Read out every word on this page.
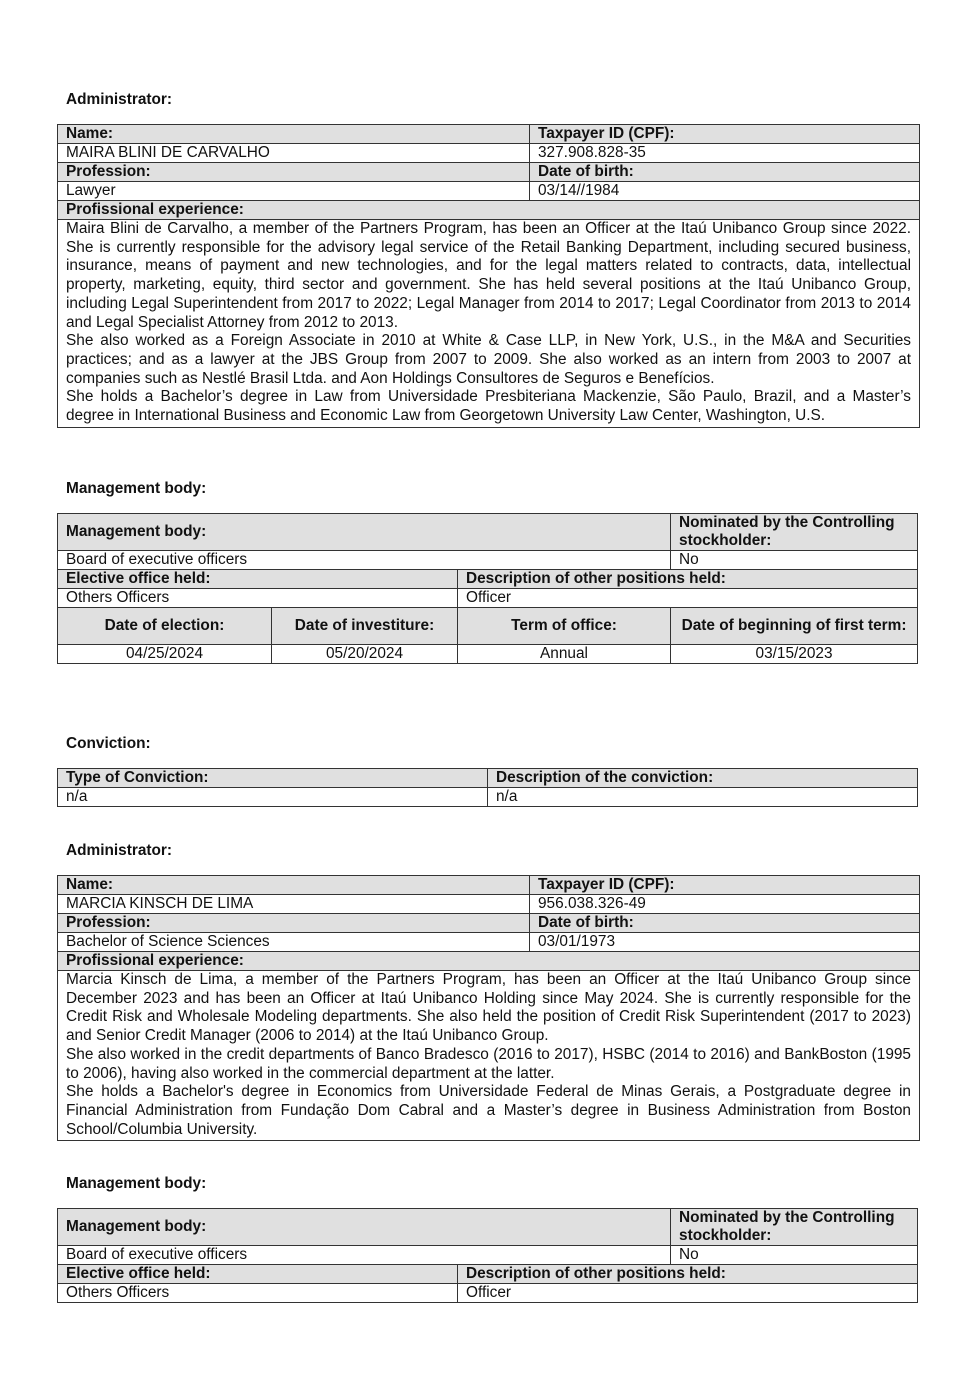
Administrator:
Name:	Taxpayer ID (CPF):
MAIRA BLINI DE CARVALHO	327.908.828-35
Profession:	Date of birth:
Lawyer	03/14//1984
Profissional experience:	

Maira Blini de Carvalho, a member of the Partners Program, has been an Officer at the Itaú Unibanco Group since 2022. She is currently responsible for the advisory legal service of the Retail Banking Department, including secured business, insurance, means of payment and new technologies, and for the legal matters related to contracts, data, intellectual property, marketing, equity, third sector and government. She has held several positions at the Itaú Unibanco Group, including Legal Superintendent from 2017 to 2022; Legal Manager from 2014 to 2017; Legal Coordinator from 2013 to 2014 and Legal Specialist Attorney from 2012 to 2013.

She also worked as a Foreign Associate in 2010 at White & Case LLP, in New York, U.S., in the M&A and Securities practices; and as a lawyer at the JBS Group from 2007 to 2009. She also worked as an intern from 2003 to 2007 at companies such as Nestlé Brasil Ltda. and Aon Holdings Consultores de Seguros e Benefícios.

She holds a Bachelor’s degree in Law from Universidade Presbiteriana Mackenzie, São Paulo, Brazil, and a Master’s degree in International Business and Economic Law from Georgetown University Law Center, Washington, U.S.	

Management body:
Management body:			Nominated by the Controlling stockholder:
Board of executive officers			No
Elective office held:		Description of other positions held:	
Others Officers		Officer	
Date of election:	Date of investiture:	Term of office:	Date of beginning of first term:
04/25/2024	05/20/2024	Annual	03/15/2023
Conviction:
Type of Conviction:	Description of the conviction:
n/a	n/a
Administrator:
Name:	Taxpayer ID (CPF):
MARCIA KINSCH DE LIMA	956.038.326-49
Profession:	Date of birth:
Bachelor of Science Sciences	03/01/1973
Profissional experience:	

Marcia Kinsch de Lima, a member of the Partners Program, has been an Officer at the Itaú Unibanco Group since December 2023 and has been an Officer at Itaú Unibanco Holding since May 2024. She is currently responsible for the Credit Risk and Wholesale Modeling departments. She also held the position of Credit Risk Superintendent (2017 to 2023) and Senior Credit Manager (2006 to 2014) at the Itaú Unibanco Group.

She also worked in the credit departments of Banco Bradesco (2016 to 2017), HSBC (2014 to 2016) and BankBoston (1995 to 2006), having also worked in the commercial department at the latter.

She holds a Bachelor's degree in Economics from Universidade Federal de Minas Gerais, a Postgraduate degree in Financial Administration from Fundação Dom Cabral and a Master’s degree in Business Administration from Boston School/Columbia University.	

Management body:
Management body:		Nominated by the Controlling stockholder:
Board of executive officers		No
Elective office held:	Description of other positions held:	
Others Officers	Officer	
